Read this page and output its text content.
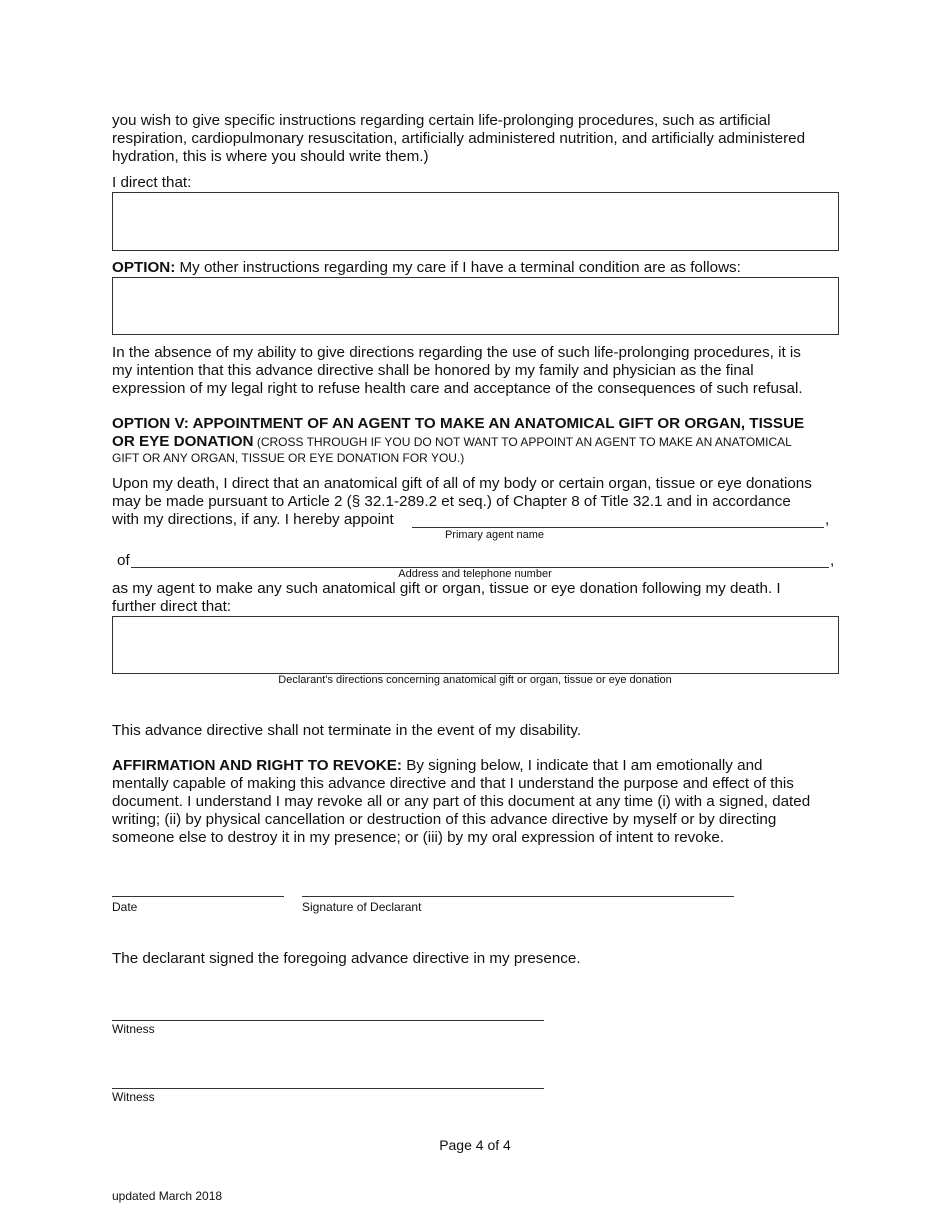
you wish to give specific instructions regarding certain life-prolonging procedures, such as artificial
respiration, cardiopulmonary resuscitation, artificially administered nutrition, and artificially administered
hydration, this is where you should write them.)
I direct that:
OPTION: My other instructions regarding my care if I have a terminal condition are as follows:
In the absence of my ability to give directions regarding the use of such life-prolonging procedures, it is
my intention that this advance directive shall be honored by my family and physician as the final
expression of my legal right to refuse health care and acceptance of the consequences of such refusal.
OPTION V: APPOINTMENT OF AN AGENT TO MAKE AN ANATOMICAL GIFT OR ORGAN, TISSUE
OR EYE DONATION (CROSS THROUGH IF YOU DO NOT WANT TO APPOINT AN AGENT TO MAKE AN ANATOMICAL
GIFT OR ANY ORGAN, TISSUE OR EYE DONATION FOR YOU.)
Upon my death, I direct that an anatomical gift of all of my body or certain organ, tissue or eye donations
may be made pursuant to Article 2 (§ 32.1-289.2 et seq.) of Chapter 8 of Title 32.1 and in accordance
with my directions, if any. I hereby appoint	,
Primary agent name
of	,
Address and telephone number
as my agent to make any such anatomical gift or organ, tissue or eye donation following my death. I
further direct that:
Declarant's directions concerning anatomical gift or organ, tissue or eye donation
This advance directive shall not terminate in the event of my disability.
AFFIRMATION AND RIGHT TO REVOKE: By signing below, I indicate that I am emotionally and
mentally capable of making this advance directive and that I understand the purpose and effect of this
document. I understand I may revoke all or any part of this document at any time (i) with a signed, dated
writing; (ii) by physical cancellation or destruction of this advance directive by myself or by directing
someone else to destroy it in my presence; or (iii) by my oral expression of intent to revoke.
Date	Signature of Declarant
The declarant signed the foregoing advance directive in my presence.
Witness
Witness
Page 4 of 4
updated March 2018
